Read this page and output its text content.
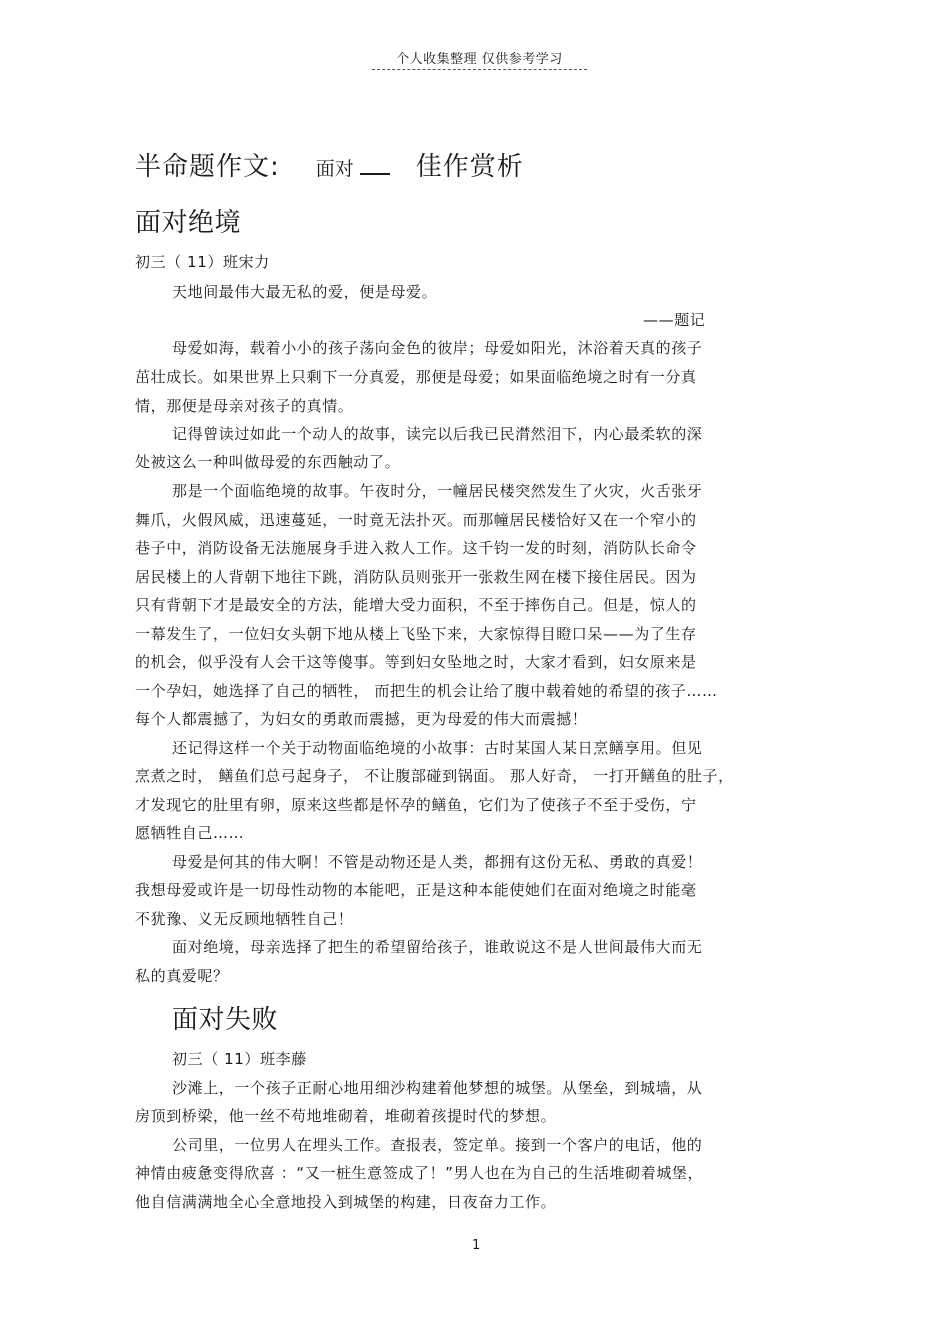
个人收集整理 仅供参考学习
半命题作文: 面对 佳作赏析
面对绝境
初三（ 11）班宋力
天地间最伟大最无私的爱，便是母爱。
——题记
母爱如海，载着小小的孩子荡向金色的彼岸；母爱如阳光，沐浴着天真的孩子
茁壮成长。如果世界上只剩下一分真爱，那便是母爱；如果面临绝境之时有一分真
情，那便是母亲对孩子的真情。
记得曾读过如此一个动人的故事，读完以后我已民潸然泪下，内心最柔软的深
处被这么一种叫做母爱的东西触动了。
那是一个面临绝境的故事。午夜时分，一幢居民楼突然发生了火灾，火舌张牙
舞爪，火假风威，迅速蔓延，一时竟无法扑灭。而那幢居民楼恰好又在一个窄小的
巷子中，消防设备无法施展身手进入救人工作。这千钧一发的时刻，消防队长命令
居民楼上的人背朝下地往下跳，消防队员则张开一张救生网在楼下接住居民。因为
只有背朝下才是最安全的方法，能增大受力面积，不至于摔伤自己。但是，惊人的
一幕发生了，一位妇女头朝下地从楼上飞坠下来，大家惊得目瞪口呆——为了生存
的机会，似乎没有人会干这等傻事。等到妇女坠地之时，大家才看到，妇女原来是
一个孕妇，她选择了自己的牺牲， 而把生的机会让给了腹中载着她的希望的孩子……
每个人都震撼了，为妇女的勇敢而震撼，更为母爱的伟大而震撼！
还记得这样一个关于动物面临绝境的小故事：古时某国人某日烹鳝享用。但见
烹煮之时， 鳝鱼们总弓起身子， 不让腹部碰到锅面。 那人好奇， 一打开鳝鱼的肚子，
才发现它的肚里有卵，原来这些都是怀孕的鳝鱼，它们为了使孩子不至于受伤，宁
愿牺牲自己……
母爱是何其的伟大啊！不管是动物还是人类，都拥有这份无私、勇敢的真爱！
我想母爱或许是一切母性动物的本能吧，正是这种本能使她们在面对绝境之时能毫
不犹豫、义无反顾地牺牲自己！
面对绝境，母亲选择了把生的希望留给孩子，谁敢说这不是人世间最伟大而无
私的真爱呢？
面对失败
初三（ 11）班李藤
沙滩上，一个孩子正耐心地用细沙构建着他梦想的城堡。从堡垒，到城墙，从
房顶到桥梁，他一丝不苟地堆砌着，堆砌着孩提时代的梦想。
公司里，一位男人在埋头工作。查报表，签定单。接到一个客户的电话，他的
神情由疲惫变得欣喜 ：“又一桩生意签成了！”男人也在为自己的生活堆砌着城堡，
他自信满满地全心全意地投入到城堡的构建，日夜奋力工作。
1
